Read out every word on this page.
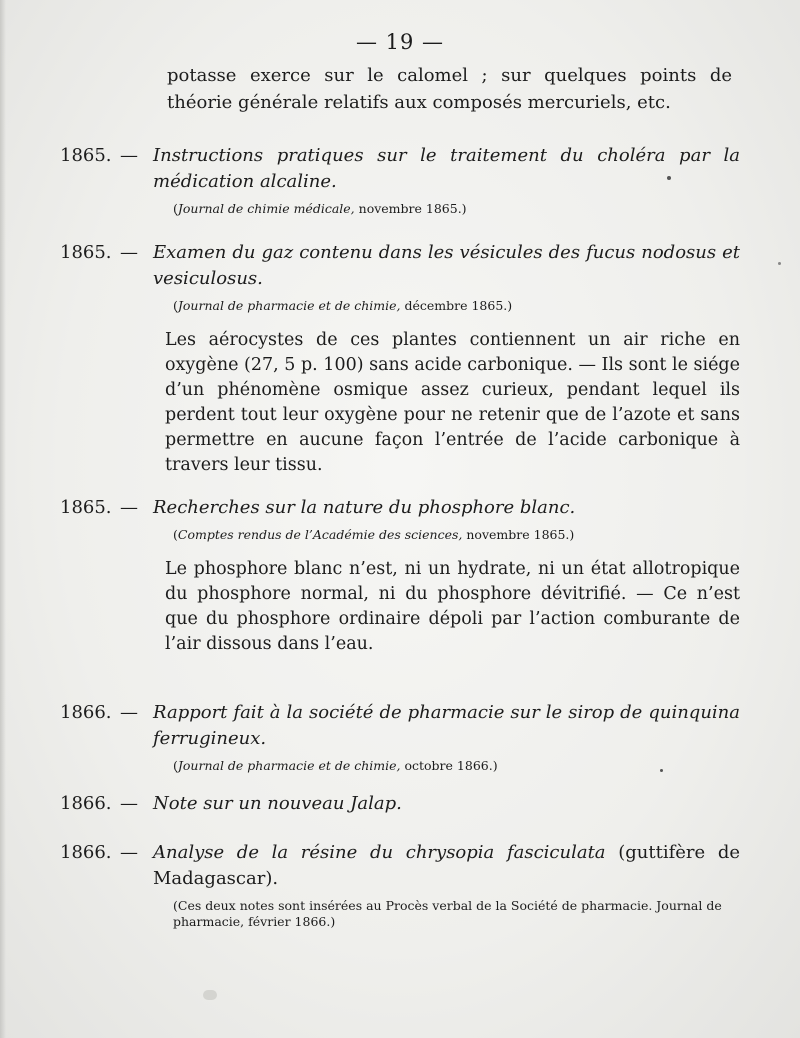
— 19 —
potasse exerce sur le calomel ; sur quelques points de théorie générale relatifs aux composés mercuriels, etc.
1865. — Instructions pratiques sur le traitement du choléra par la médication alcaline.
(Journal de chimie médicale, novembre 1865.)
1865. — Examen du gaz contenu dans les vésicules des fucus nodosus et vesiculosus.
(Journal de pharmacie et de chimie, décembre 1865.)
Les aérocystes de ces plantes contiennent un air riche en oxygène (27, 5 p. 100) sans acide carbonique. — Ils sont le siége d’un phénomène osmique assez curieux, pendant lequel ils perdent tout leur oxygène pour ne retenir que de l’azote et sans permettre en aucune façon l’entrée de l’acide carbonique à travers leur tissu.
1865. — Recherches sur la nature du phosphore blanc.
(Comptes rendus de l’Académie des sciences, novembre 1865.)
Le phosphore blanc n’est, ni un hydrate, ni un état allotropique du phosphore normal, ni du phosphore dévitrifié. — Ce n’est que du phosphore ordinaire dépoli par l’action comburante de l’air dissous dans l’eau.
1866. — Rapport fait à la société de pharmacie sur le sirop de quinquina ferrugineux.
(Journal de pharmacie et de chimie, octobre 1866.)
1866. — Note sur un nouveau Jalap.
1866. — Analyse de la résine du chrysopia fasciculata (guttifère de Madagascar).
(Ces deux notes sont insérées au Procès verbal de la Société de pharmacie. Journal de pharmacie, février 1866.)
